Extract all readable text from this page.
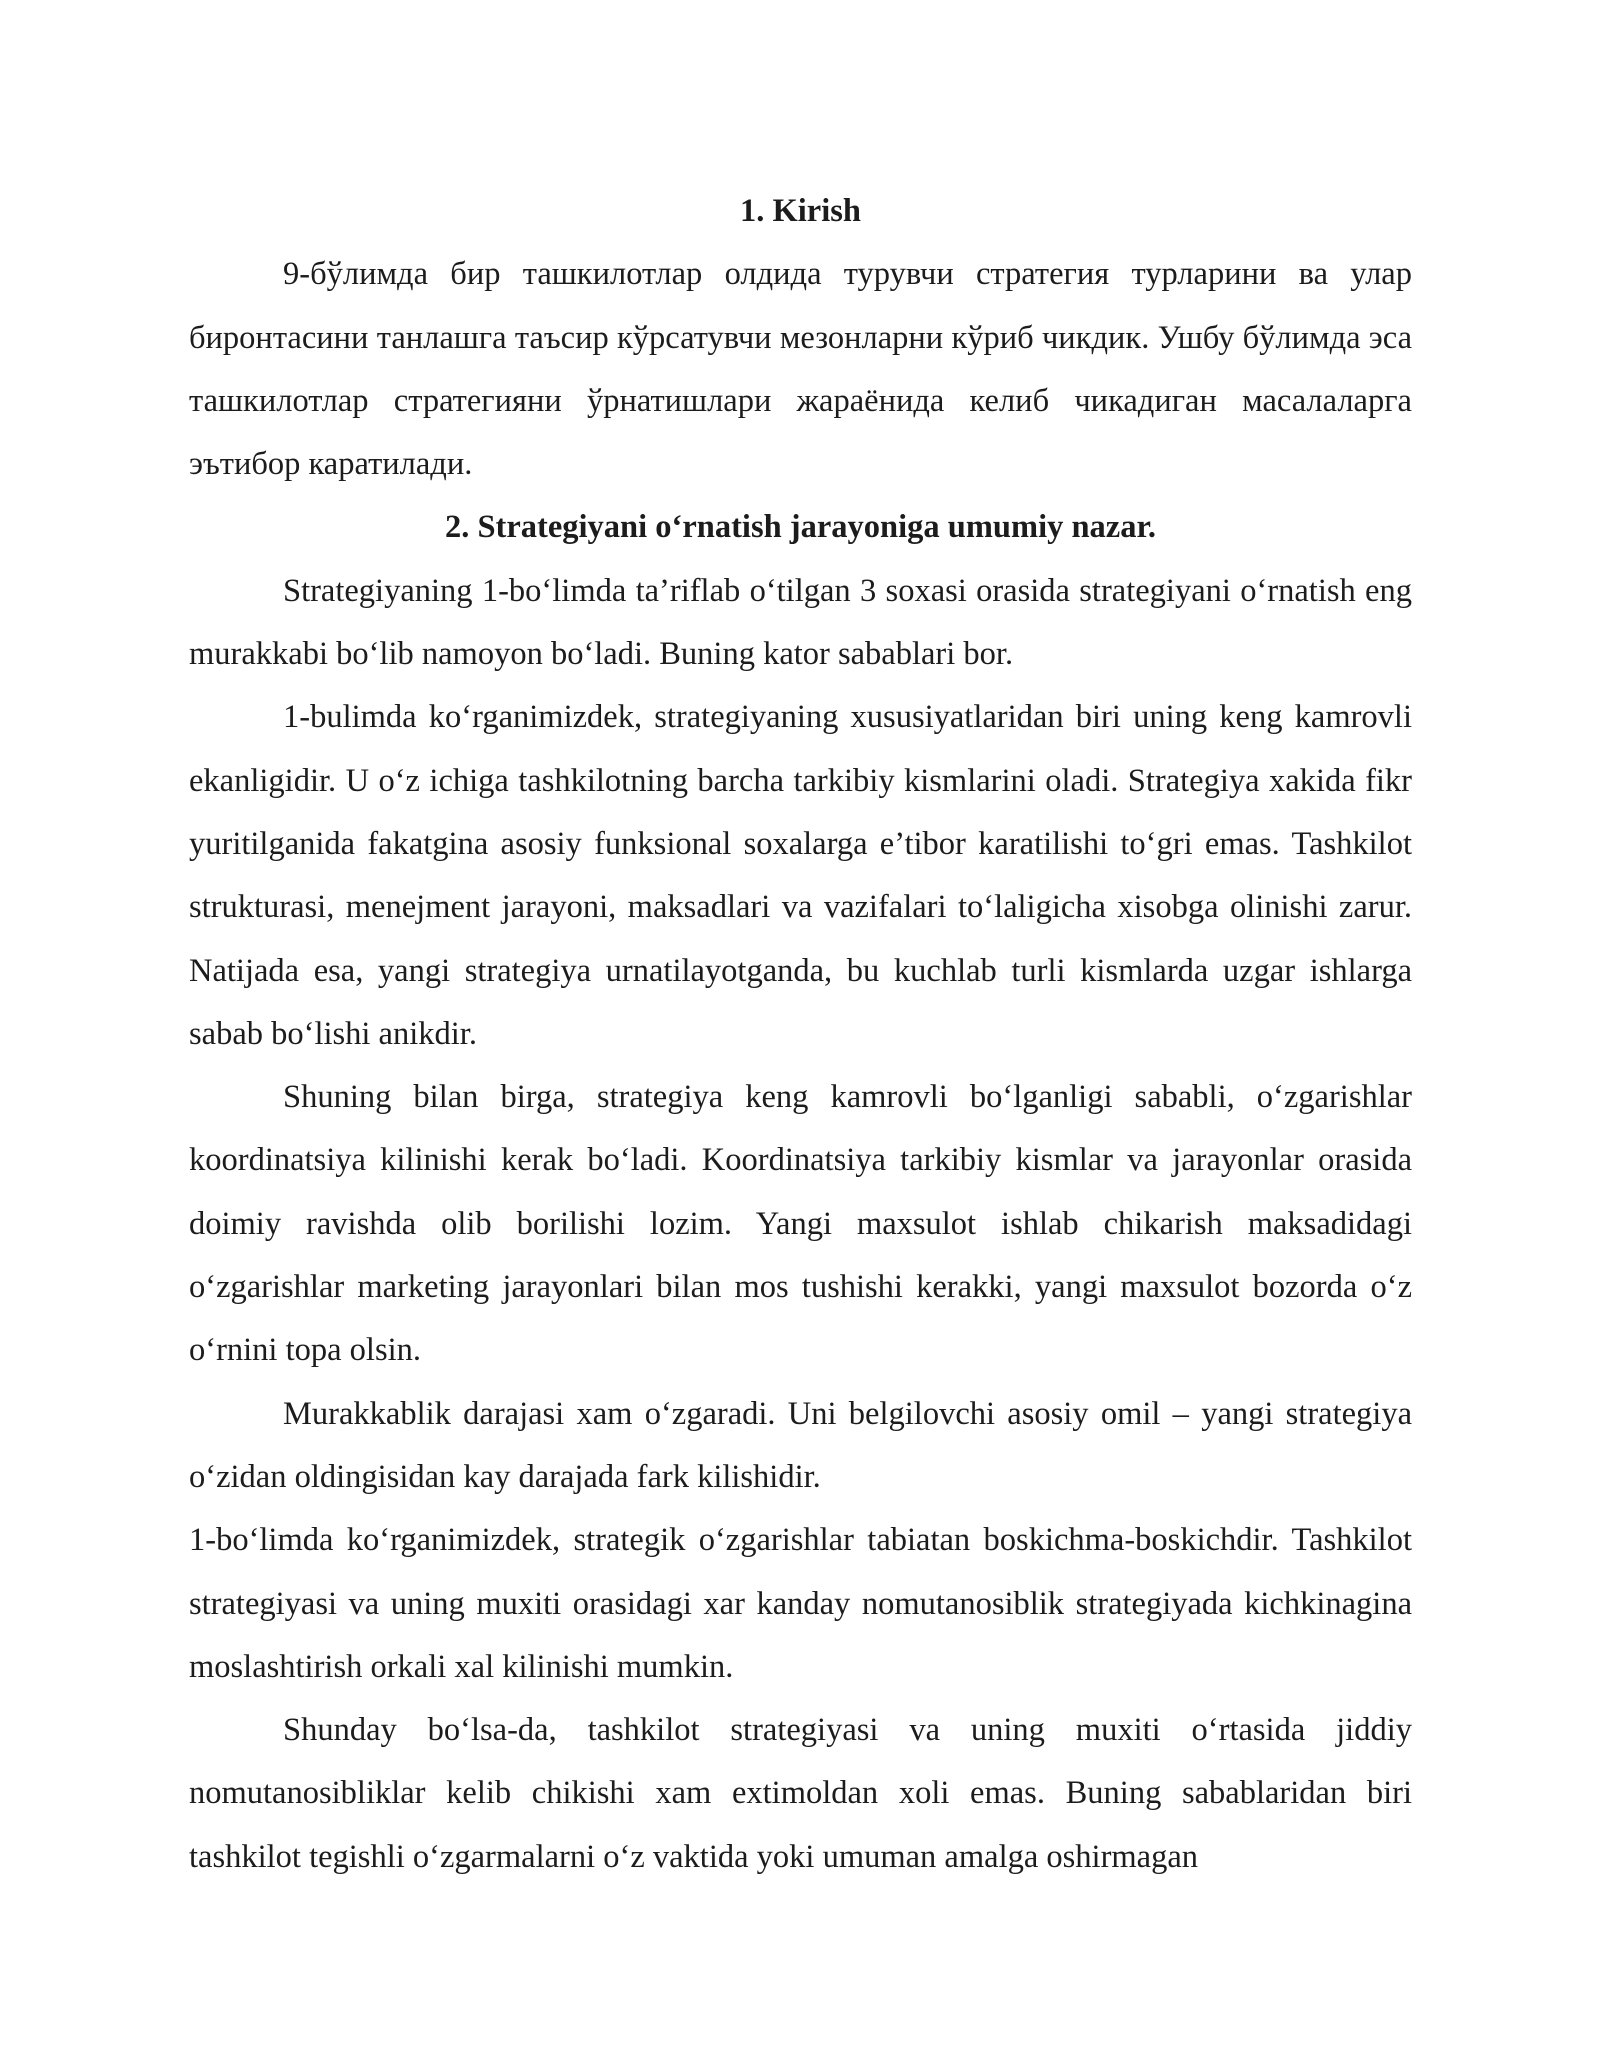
1. Kirish

9-бўлимда бир ташкилотлар олдида турувчи стратегия турларини ва улар биронтасини танлашга таъсир кўрсатувчи мезонларни кўриб чикдик. Ушбу бўлимда эса ташкилотлар стратегияни ўрнатишлари жараёнида келиб чикадиган масалаларга эътибор каратилади.

2. Strategiyani o‘rnatish jarayoniga umumiy nazar.

Strategiyaning 1-bo‘limda ta’riflab o‘tilgan 3 soxasi orasida strategiyani o‘rnatish eng murakkabi bo‘lib namoyon bo‘ladi. Buning kator sabablari bor.

1-bulimda ko‘rganimizdek, strategiyaning xususiyatlaridan biri uning keng kamrovli ekanligidir. U o‘z ichiga tashkilotning barcha tarkibiy kismlarini oladi. Strategiya xakida fikr yuritilganida fakatgina asosiy funksional soxalarga e’tibor karatilishi to‘gri emas. Tashkilot strukturasi, menejment jarayoni, maksadlari va vazifalari to‘laligicha xisobga olinishi zarur. Natijada esa, yangi strategiya urnatilayotganda, bu kuchlab turli kismlarda uzgar ishlarga sabab bo‘lishi anikdir.

Shuning bilan birga, strategiya keng kamrovli bo‘lganligi sababli, o‘zgarishlar koordinatsiya kilinishi kerak bo‘ladi. Koordinatsiya tarkibiy kismlar va jarayonlar orasida doimiy ravishda olib borilishi lozim. Yangi maxsulot ishlab chikarish maksadidagi o‘zgarishlar marketing jarayonlari bilan mos tushishi kerakki, yangi maxsulot bozorda o‘z o‘rnini topa olsin.

Murakkablik darajasi xam o‘zgaradi. Uni belgilovchi asosiy omil – yangi strategiya o‘zidan oldingisidan kay darajada fark kilishidir.

1-bo‘limda ko‘rganimizdek, strategik o‘zgarishlar tabiatan boskichma-boskichdir. Tashkilot strategiyasi va uning muxiti orasidagi xar kanday nomutanosiblik strategiyada kichkinagina moslashtirish orkali xal kilinishi mumkin.

Shunday bo‘lsa-da, tashkilot strategiyasi va uning muxiti o‘rtasida jiddiy nomutanosibliklar kelib chikishi xam extimoldan xoli emas. Buning sabablaridan biri tashkilot tegishli o‘zgarmalarni o‘z vaktida yoki umuman amalga oshirmagan
